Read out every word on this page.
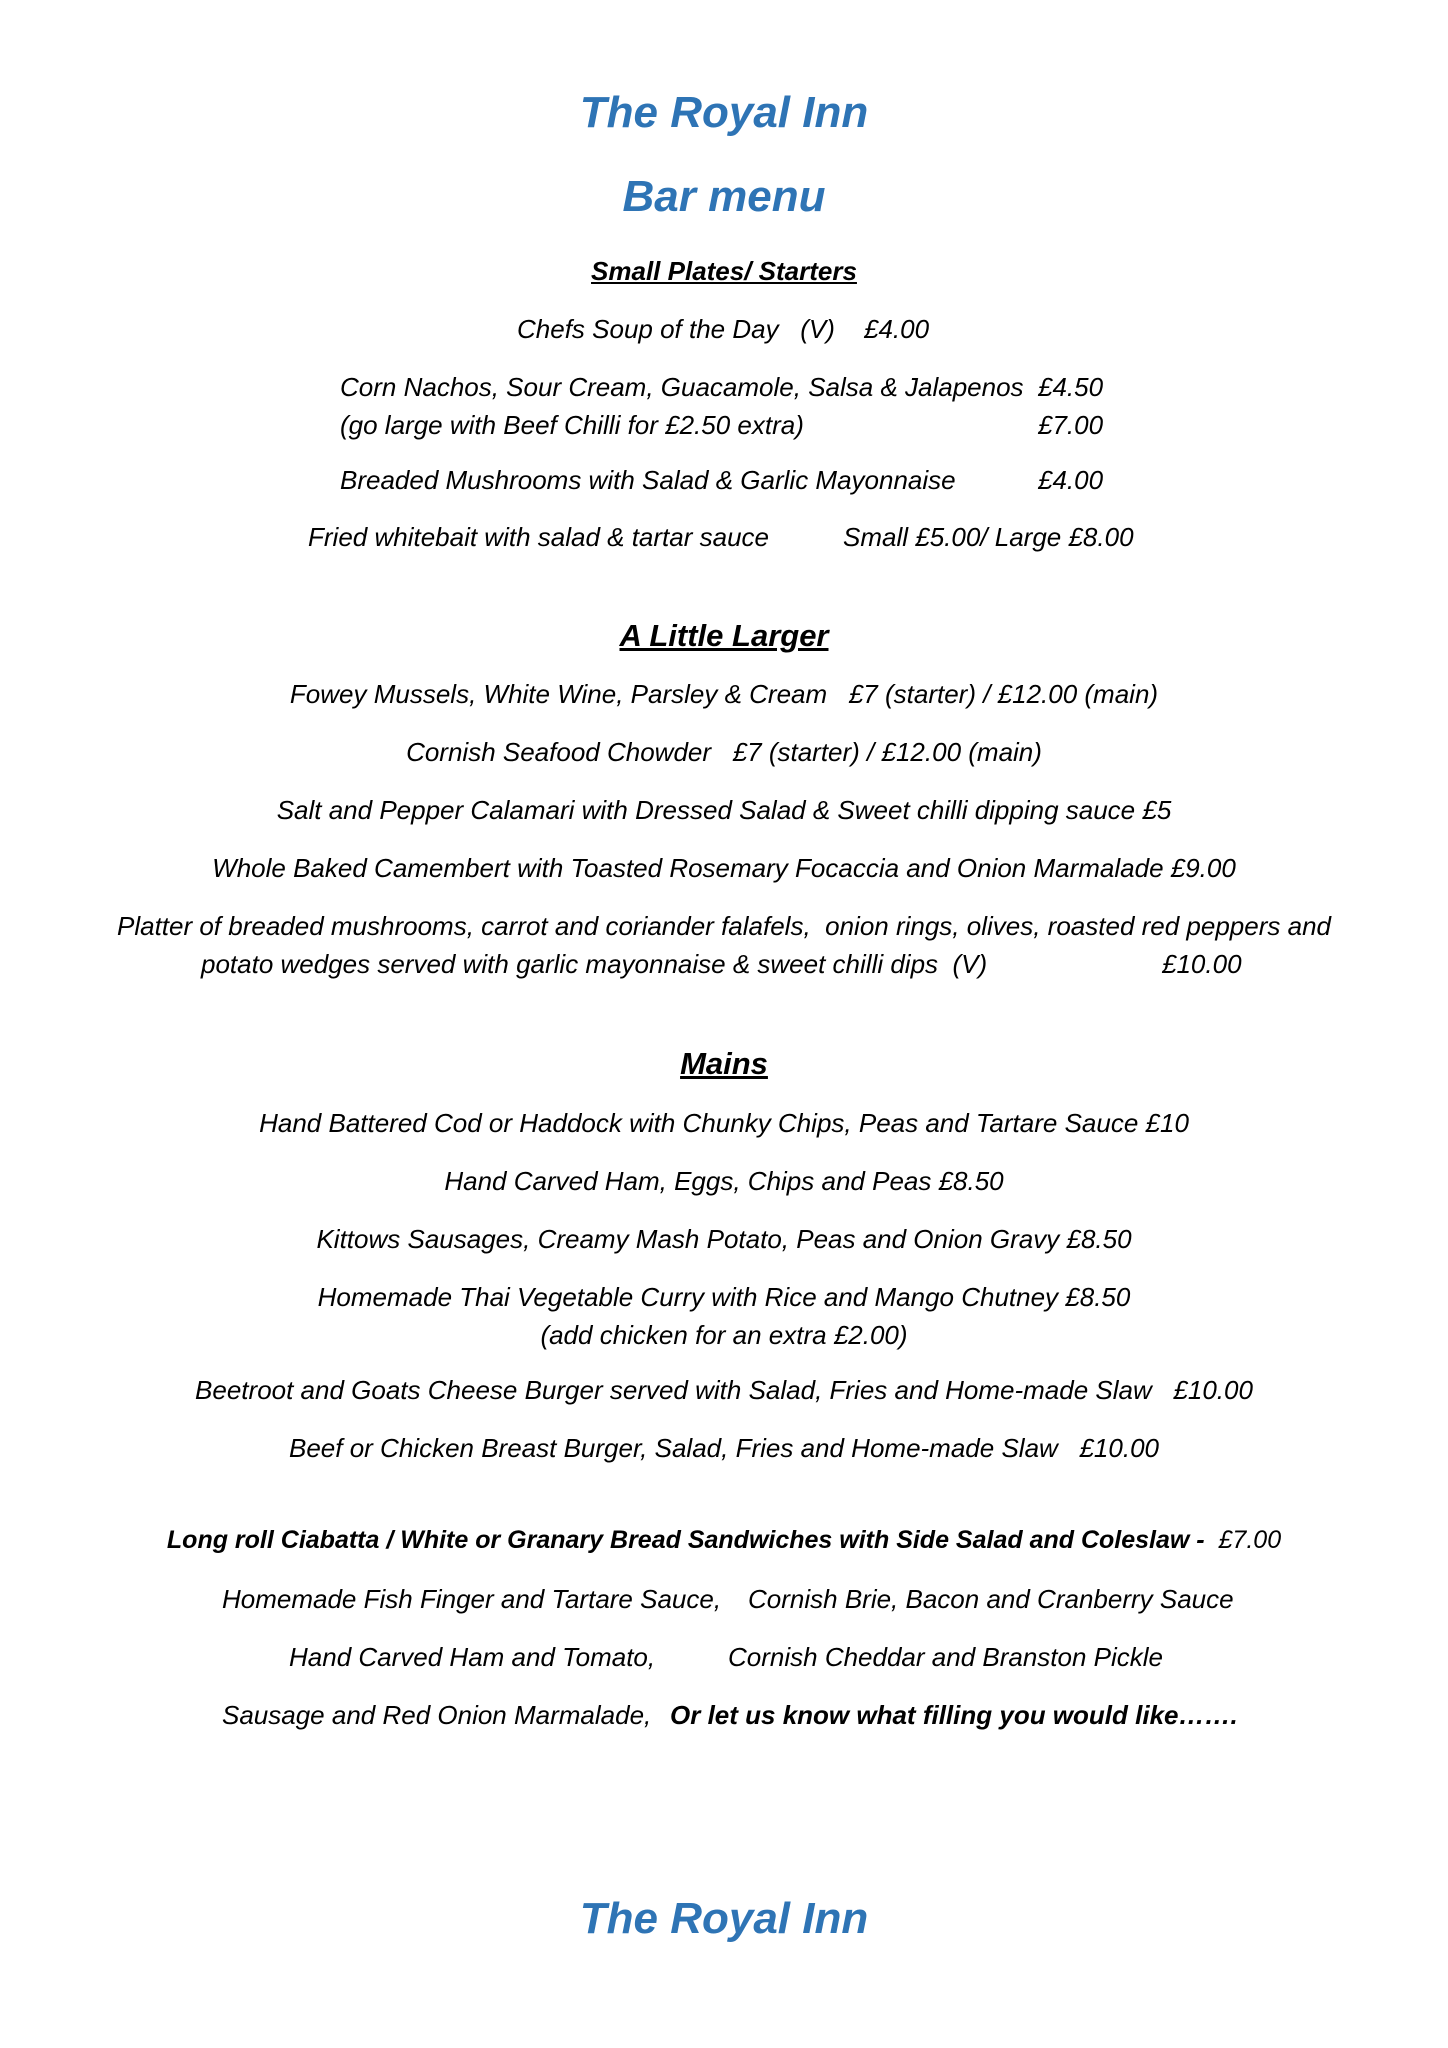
The Royal Inn
Bar menu
Small Plates/ Starters
Chefs Soup of the Day   (V) £4.00
Corn Nachos, Sour Cream, Guacamole, Salsa & Jalapenos £4.50
(go large with Beef Chilli for £2.50 extra)	£7.00
Breaded Mushrooms with Salad & Garlic Mayonnaise	£4.00
Fried whitebait with salad & tartar sauce	Small £5.00/ Large £8.00
A Little Larger
Fowey Mussels, White Wine, Parsley & Cream   £7 (starter) / £12.00 (main)
Cornish Seafood Chowder   £7 (starter) / £12.00 (main)
Salt and Pepper Calamari with Dressed Salad & Sweet chilli dipping sauce £5
Whole Baked Camembert with Toasted Rosemary Focaccia and Onion Marmalade £9.00
Platter of breaded mushrooms, carrot and coriander falafels,  onion rings, olives, roasted red peppers and
potato wedges served with garlic mayonnaise & sweet chilli dips  (V)	£10.00
Mains
Hand Battered Cod or Haddock with Chunky Chips, Peas and Tartare Sauce £10
Hand Carved Ham, Eggs, Chips and Peas £8.50
Kittows Sausages, Creamy Mash Potato, Peas and Onion Gravy £8.50
Homemade Thai Vegetable Curry with Rice and Mango Chutney £8.50
(add chicken for an extra £2.00)
Beetroot and Goats Cheese Burger served with Salad, Fries and Home-made Slaw   £10.00
Beef or Chicken Breast Burger, Salad, Fries and Home-made Slaw   £10.00
Long roll Ciabatta / White or Granary Bread Sandwiches with Side Salad and Coleslaw - £7.00
Homemade Fish Finger and Tartare Sauce, Cornish Brie, Bacon and Cranberry Sauce
Hand Carved Ham and Tomato,	Cornish Cheddar and Branston Pickle
Sausage and Red Onion Marmalade, Or let us know what filling you would like…….
The Royal Inn
